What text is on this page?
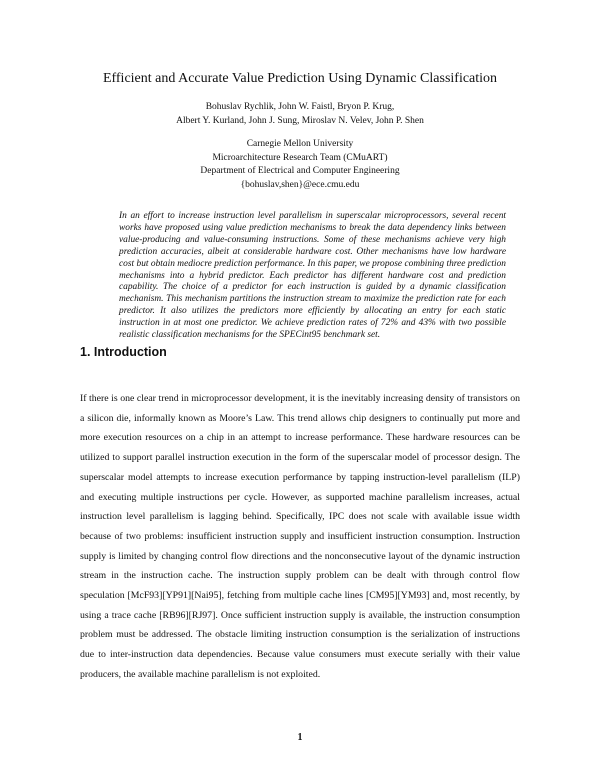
Efficient and Accurate Value Prediction Using Dynamic Classification
Bohuslav Rychlik, John W. Faistl, Bryon P. Krug,
Albert Y. Kurland, John J. Sung, Miroslav N. Velev, John P. Shen
Carnegie Mellon University
Microarchitecture Research Team (CMuART)
Department of Electrical and Computer Engineering
{bohuslav,shen}@ece.cmu.edu

In an effort to increase instruction level parallelism in superscalar microprocessors, several recent works have proposed using value prediction mechanisms to break the data dependency links between value-producing and value-consuming instructions. Some of these mechanisms achieve very high prediction accuracies, albeit at considerable hardware cost. Other mechanisms have low hardware cost but obtain mediocre prediction performance. In this paper, we propose combining three prediction mechanisms into a hybrid predictor. Each predictor has different hardware cost and prediction capability. The choice of a predictor for each instruction is guided by a dynamic classification mechanism. This mechanism partitions the instruction stream to maximize the prediction rate for each predictor. It also utilizes the predictors more efficiently by allocating an entry for each static instruction in at most one predictor. We achieve prediction rates of 72% and 43% with two possible realistic classification mechanisms for the SPECint95 benchmark set.

1. Introduction

If there is one clear trend in microprocessor development, it is the inevitably increasing density of transistors on a silicon die, informally known as Moore’s Law. This trend allows chip designers to continually put more and more execution resources on a chip in an attempt to increase performance. These hardware resources can be utilized to support parallel instruction execution in the form of the superscalar model of processor design. The superscalar model attempts to increase execution performance by tapping instruction-level parallelism (ILP) and executing multiple instructions per cycle. However, as supported machine parallelism increases, actual instruction level parallelism is lagging behind. Specifically, IPC does not scale with available issue width because of two problems: insufficient instruction supply and insufficient instruction consumption. Instruction supply is limited by changing control flow directions and the nonconsecutive layout of the dynamic instruction stream in the instruction cache. The instruction supply problem can be dealt with through control flow speculation [McF93][YP91][Nai95], fetching from multiple cache lines [CM95][YM93] and, most recently, by using a trace cache [RB96][RJ97]. Once sufficient instruction supply is available, the instruction consumption problem must be addressed. The obstacle limiting instruction consumption is the serialization of instructions due to inter-instruction data dependencies. Because value consumers must execute serially with their value producers, the available machine parallelism is not exploited.

1
